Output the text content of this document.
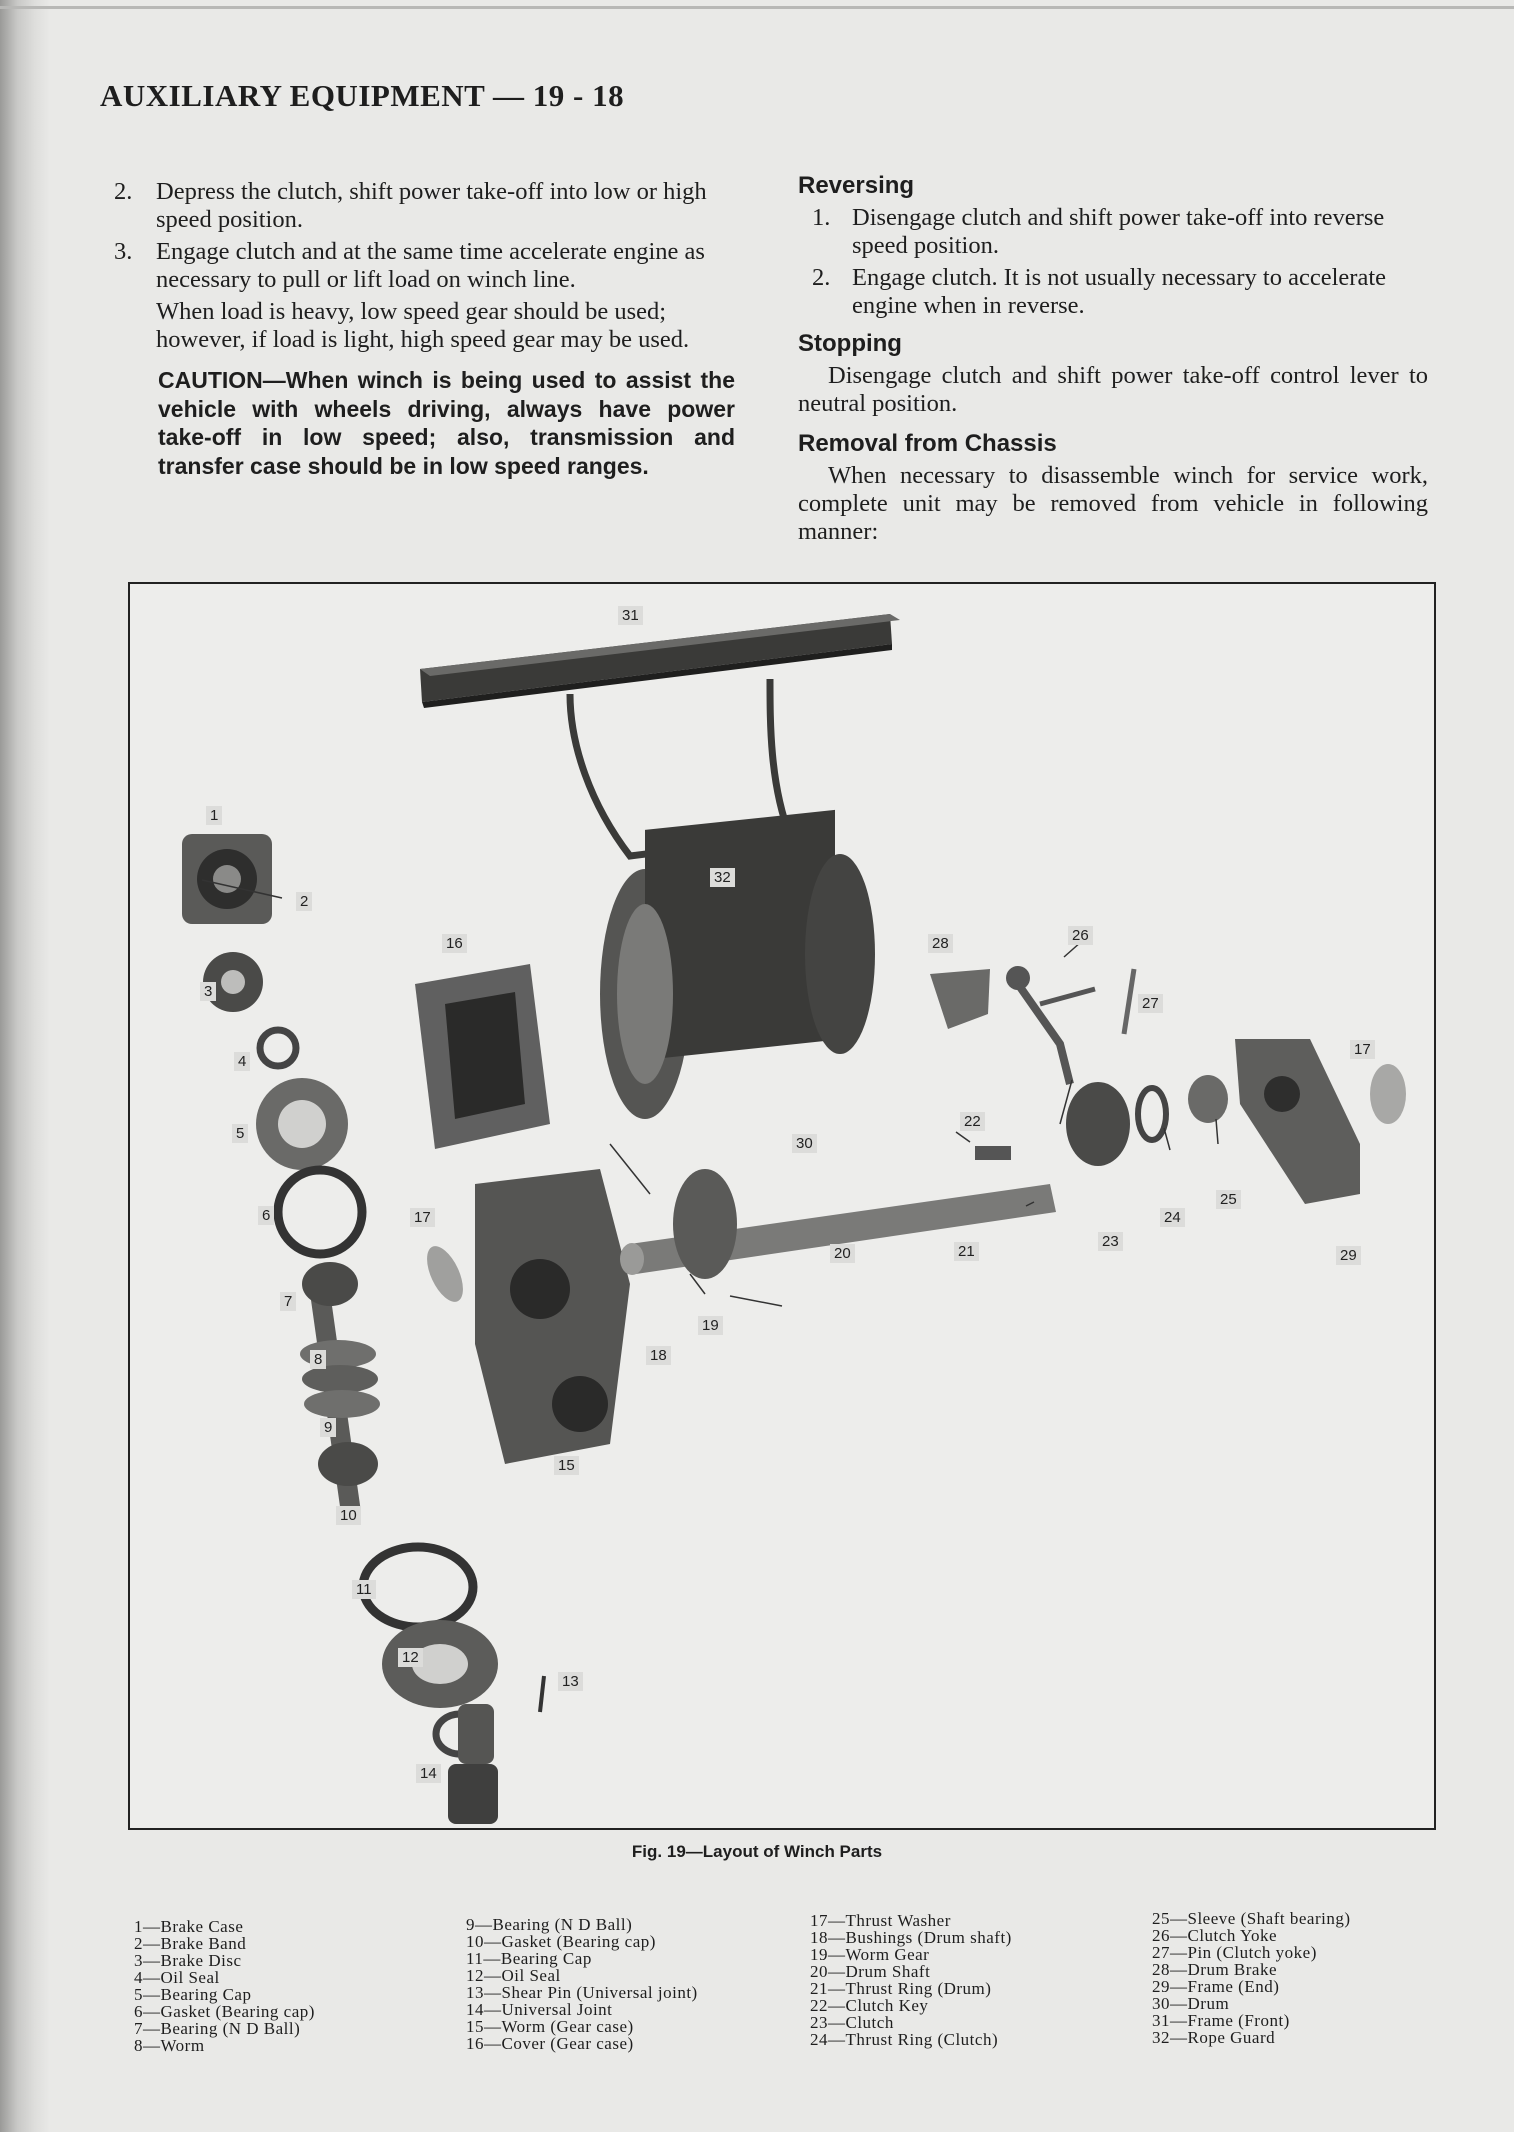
AUXILIARY EQUIPMENT — 19 - 18
2. Depress the clutch, shift power take-off into low or high speed position.
3. Engage clutch and at the same time accelerate engine as necessary to pull or lift load on winch line.

When load is heavy, low speed gear should be used; however, if load is light, high speed gear may be used.

CAUTION—When winch is being used to assist the vehicle with wheels driving, always have power take-off in low speed; also, transmission and transfer case should be in low speed ranges.

Reversing
1. Disengage clutch and shift power take-off into reverse speed position.
2. Engage clutch. It is not usually necessary to accelerate engine when in reverse.
Stopping

Disengage clutch and shift power take-off control lever to neutral position.

Removal from Chassis

When necessary to disassemble winch for service work, complete unit may be removed from vehicle in following manner:

31
32
1
2
3
4
5
6
7
8
9
10
11
12
13
14
15
16
17
18
19
20	21
22
23
24
25
26
27
28
29
30
17
Fig. 19—Layout of Winch Parts
1—Brake Case
2—Brake Band
3—Brake Disc
4—Oil Seal
5—Bearing Cap
6—Gasket (Bearing cap)
7—Bearing (N D Ball)
8—Worm
9—Bearing (N D Ball)
10—Gasket (Bearing cap)
11—Bearing Cap
12—Oil Seal
13—Shear Pin (Universal joint)
14—Universal Joint
15—Worm (Gear case)
16—Cover (Gear case)
17—Thrust Washer
18—Bushings (Drum shaft)
19—Worm Gear
20—Drum Shaft
21—Thrust Ring (Drum)
22—Clutch Key
23—Clutch
24—Thrust Ring (Clutch)
25—Sleeve (Shaft bearing)
26—Clutch Yoke
27—Pin (Clutch yoke)
28—Drum Brake
29—Frame (End)
30—Drum
31—Frame (Front)
32—Rope Guard
